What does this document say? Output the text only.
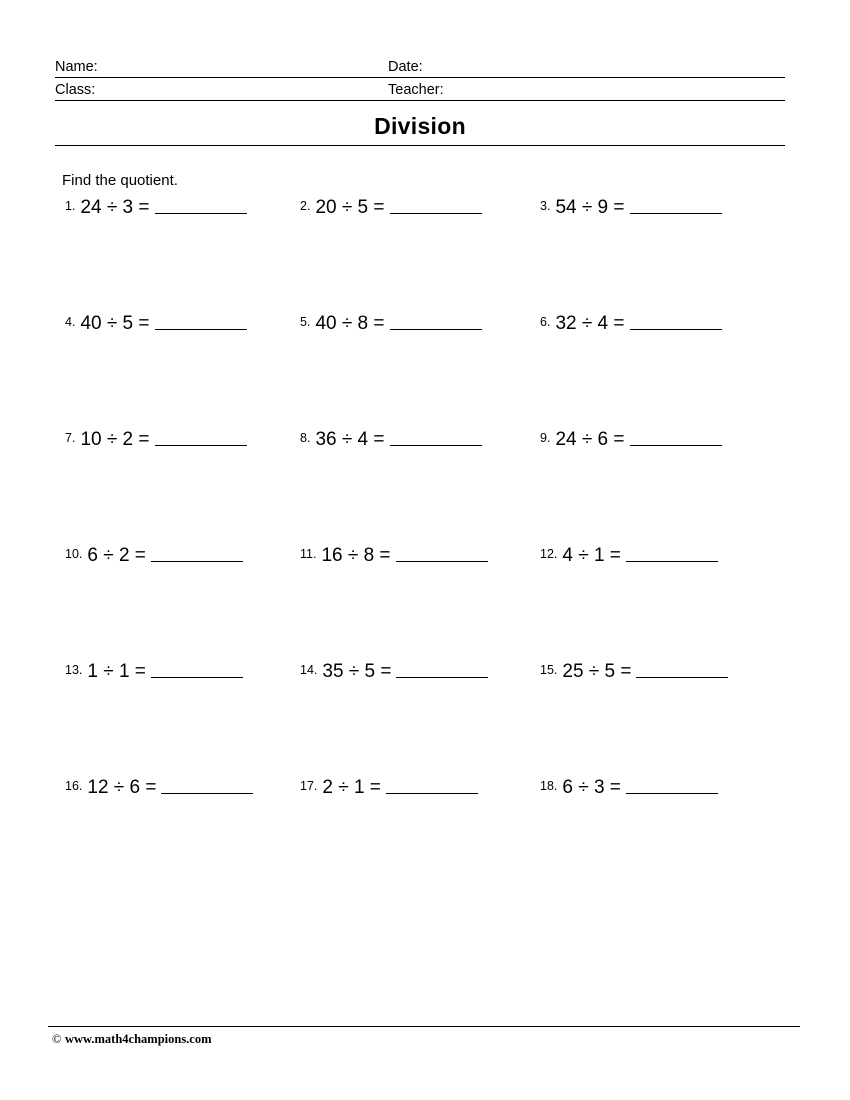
Name:	Date:
Class:	Teacher:
Division
Find the quotient.
1. 24 ÷ 3 =	2. 20 ÷ 5 =	3. 54 ÷ 9 =
4. 40 ÷ 5 =	5. 40 ÷ 8 =	6. 32 ÷ 4 =
7. 10 ÷ 2 =	8. 36 ÷ 4 =	9. 24 ÷ 6 =
10. 6 ÷ 2 =	11. 16 ÷ 8 =	12. 4 ÷ 1 =
13. 1 ÷ 1 =	14. 35 ÷ 5 =	15. 25 ÷ 5 =
16. 12 ÷ 6 =	17. 2 ÷ 1 =	18. 6 ÷ 3 =
© www.math4champions.com
